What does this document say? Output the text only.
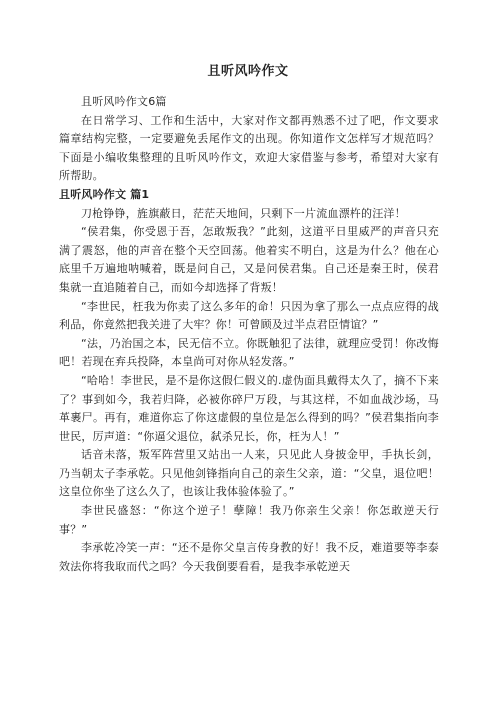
且听风吟作文

且听风吟作文6篇

在日常学习、工作和生活中，大家对作文都再熟悉不过了吧，作文要求篇章结构完整，一定要避免丢尾作文的出现。你知道作文怎样写才规范吗？下面是小编收集整理的且听风吟作文，欢迎大家借鉴与参考，希望对大家有所帮助。

且听风吟作文 篇1

刀枪铮铮，旌旗蔽日，茫茫天地间，只剩下一片流血漂杵的汪洋！

“侯君集，你受恩于吾，怎敢叛我？”此刻，这道平日里威严的声音只充满了震怒，他的声音在整个天空回荡。他着实不明白，这是为什么？他在心底里千万遍地呐喊着，既是问自己，又是问侯君集。自己还是秦王时，侯君集就一直追随着自己，而如今却选择了背叛！

“李世民，枉我为你卖了这么多年的命！只因为拿了那么一点点应得的战利品，你竟然把我关进了大牢？你！可曾顾及过半点君臣情谊？”

“法，乃治国之本，民无信不立。你既触犯了法律，就理应受罚！你改悔吧！若现在弃兵投降，本皇尚可对你从轻发落。”

“哈哈！李世民，是不是你这假仁假义的.虚伪面具戴得太久了，摘不下来了？事到如今，我若归降，必被你碎尸万段，与其这样，不如血战沙场，马革裹尸。再有，难道你忘了你这虚假的皇位是怎么得到的吗？”侯君集指向李世民，厉声道：“你逼父退位，弑杀兄长，你，枉为人！”

话音未落，叛军阵营里又站出一人来，只见此人身披金甲，手执长剑，乃当朝太子李承乾。只见他剑锋指向自己的亲生父亲，道：“父皇，退位吧！这皇位你坐了这么久了，也该让我体验体验了。”

李世民盛怒：“你这个逆子！孽障！我乃你亲生父亲！你怎敢逆天行事？”

李承乾冷笑一声：“还不是你父皇言传身教的好！我不反，难道要等李泰效法你将我取而代之吗？今天我倒要看看，是我李承乾逆天
